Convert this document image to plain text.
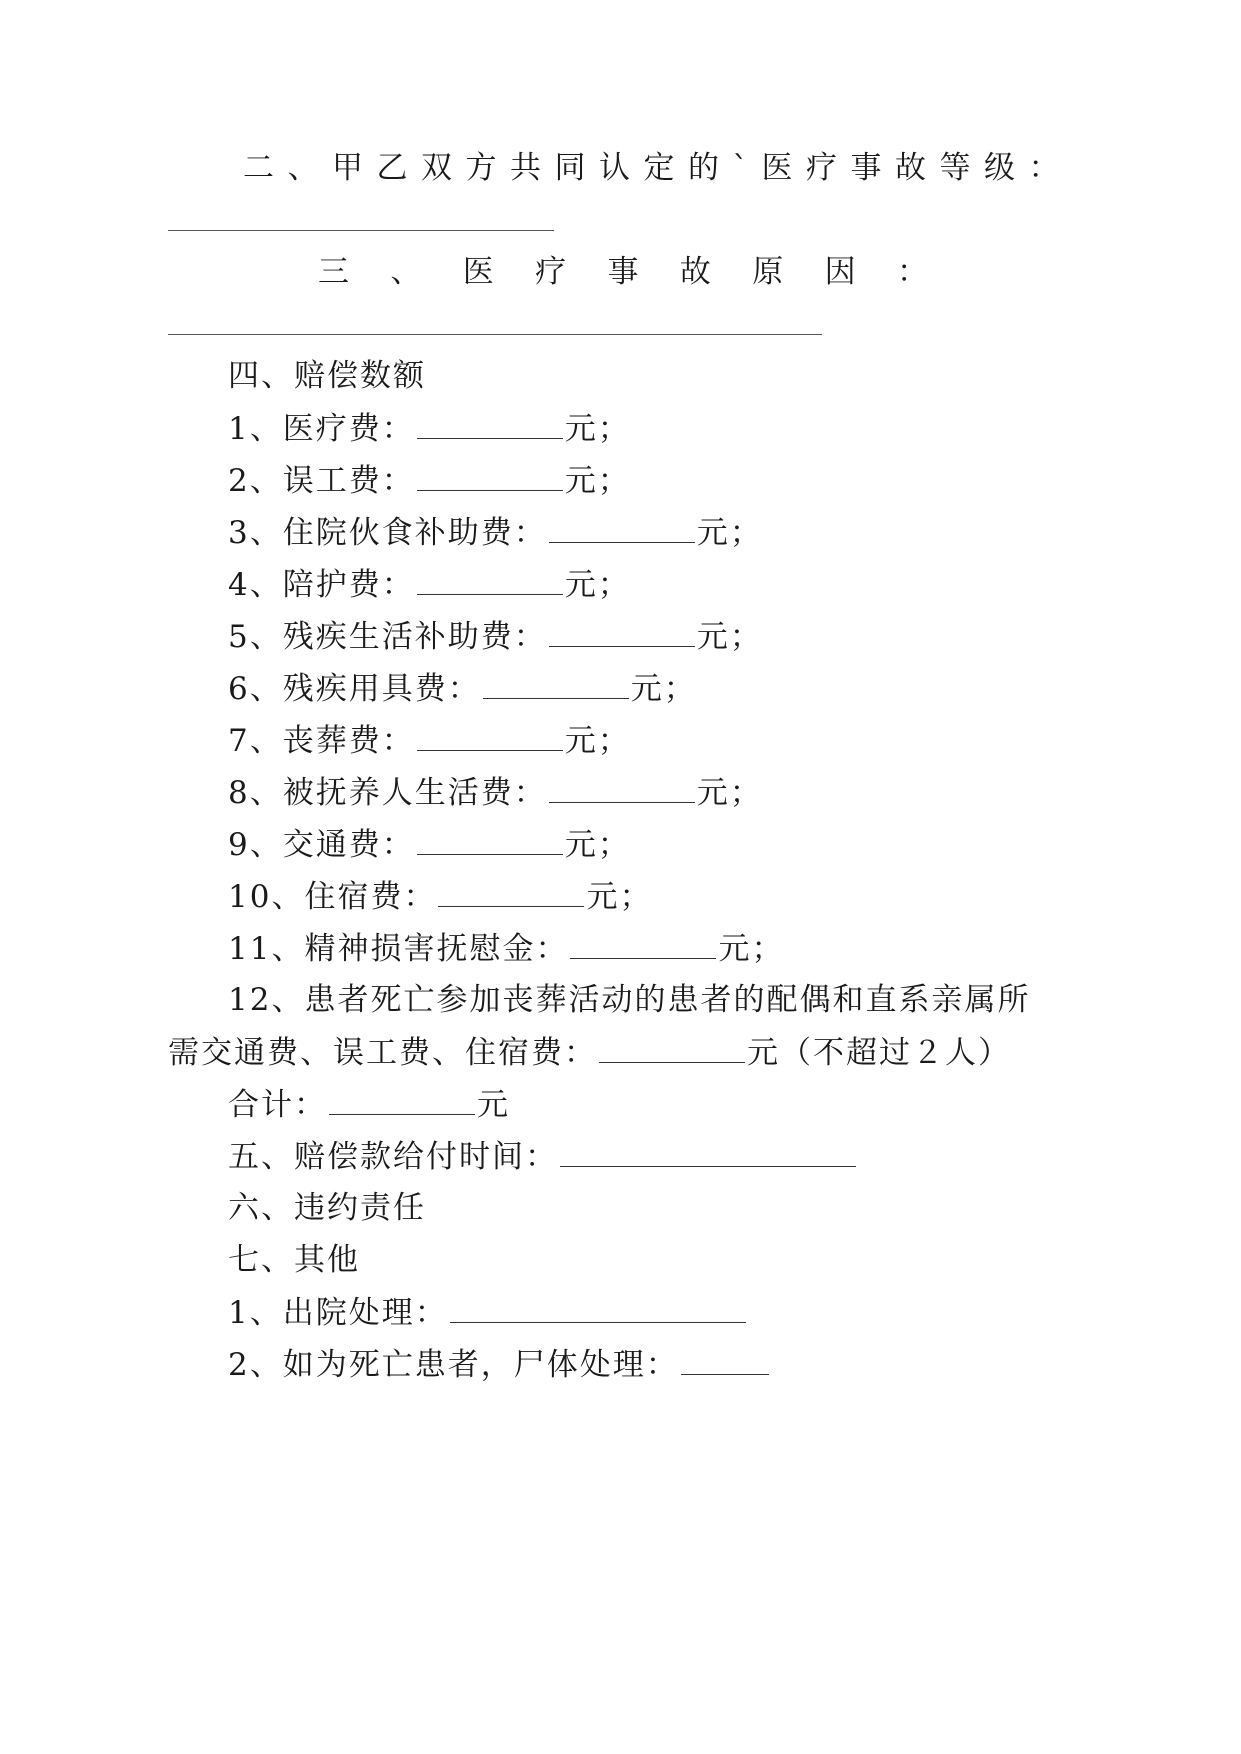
二、甲乙双方共同认定的`医疗事故等级：
三 、 医 疗 事 故 原 因 ：
四、赔偿数额
1、医疗费：	元；
2、误工费：	元；
3、住院伙食补助费：	元；
4、陪护费：	元；
5、残疾生活补助费：	元；
6、残疾用具费：	元；
7、丧葬费：	元；
8、被抚养人生活费：	元；
9、交通费：	元；
10、住宿费：	元；
11、精神损害抚慰金：	元；
12、患者死亡参加丧葬活动的患者的配偶和直系亲属所
需交通费、误工费、住宿费：	元（不超过２人）
合计：	元
五、赔偿款给付时间：
六、违约责任
七、其他
1、出院处理：
2、如为死亡患者，尸体处理：
